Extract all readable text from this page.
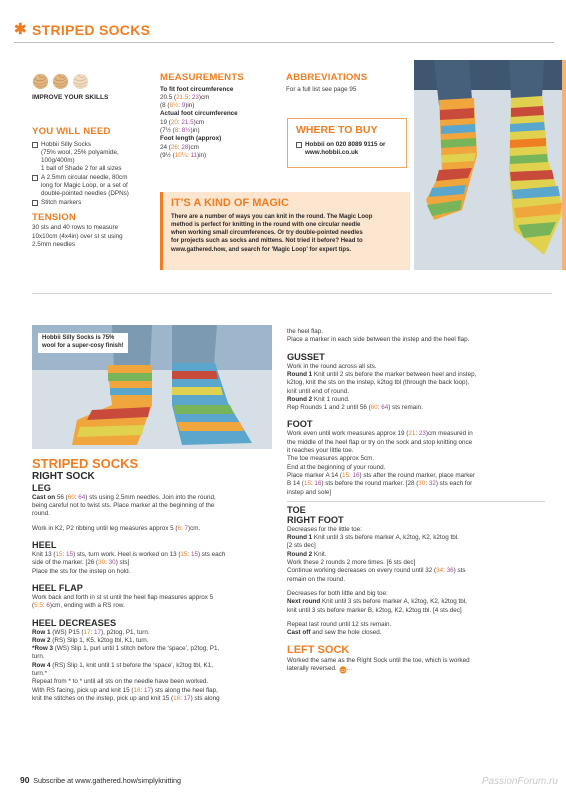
✱ STRIPED SOCKS
IMPROVE YOUR SKILLS
YOU WILL NEED
Hobbii Silly Socks
(75% wool, 25% polyamide,
100g/400m)
1 ball of Shade 2 for all sizes
A 2.5mm circular needle, 80cm
long for Magic Loop, or a set of
double-pointed needles (DPNs)
Stitch markers
TENSION
30 sts and 40 rows to measure
10x10cm (4x4in) over st st using
2.5mm needles
MEASUREMENTS
To fit foot circumference
20.5 (21.5: 23)cm
(8 (8½: 9)in)
Actual foot circumference
19 (20: 21.5)cm
(7½ (8: 8½)in)
Foot length (approx)
24 (26: 28)cm
(9½ (10¼: 11)in)
ABBREVIATIONS
For a full list see page 95
WHERE TO BUY
Hobbii on 020 8089 9115 or
www.hobbii.co.uk
IT'S A KIND OF MAGIC
There are a number of ways you can knit in the round. The Magic Loop
method is perfect for knitting in the round with one circular needle
when working small circumferences. Or try double-pointed needles
for projects such as socks and mittens. Not tried it before? Head to
www.gathered.how, and search for 'Magic Loop' for expert tips.
Hobbii Silly Socks is 75%
wool for a super-cosy finish!
STRIPED SOCKS
RIGHT SOCK
LEG
Cast on 56 (60: 64) sts using 2.5mm needles. Join into the round,
being careful not to twist sts. Place marker at the beginning of the
round.
Work in K2, P2 ribbing until leg measures approx 5 (6: 7)cm.
HEEL
Knit 13 (15: 15) sts, turn work. Heel is worked on 13 (15: 15) sts each
side of the marker. [26 (30: 30) sts]
Place the sts for the instep on hold.
HEEL FLAP
Work back and forth in st st until the heel flap measures approx 5
(5.5: 6)cm, ending with a RS row.
HEEL DECREASES
Row 1 (WS) P15 (17: 17), p2tog, P1, turn.
Row 2 (RS) Slip 1, K5, k2tog tbl, K1, turn.
*Row 3 (WS) Slip 1, purl until 1 stitch before the ‘space’, p2tog, P1,
turn.
Row 4 (RS) Slip 1, knit until 1 st before the ‘space’, k2tog tbl, K1,
turn.*
Repeat from * to * until all sts on the needle have been worked.
With RS facing, pick up and knit 15 (16: 17) sts along the heel flap,
knit the stitches on the instep, pick up and knit 15 (16: 17) sts along
the heel flap.
Place a marker in each side between the instep and the heel flap.
GUSSET
Work in the round across all sts.
Round 1 Knit until 2 sts before the marker between heel and instep,
k2tog, knit the sts on the instep, k2tog tbl (through the back loop),
knit until end of round.
Round 2 Knit 1 round.
Rep Rounds 1 and 2 until 56 (60: 64) sts remain.
FOOT
Work even until work measures approx 19 (21: 23)cm measured in
the middle of the heel flap or try on the sock and stop knitting once
it reaches your little toe.
The toe measures approx 5cm.
End at the beginning of your round.
Place marker A 14 (15: 16) sts after the round marker, place marker
B 14 (15: 16) sts before the round marker. [28 (30: 32) sts each for
instep and sole]
TOE
RIGHT FOOT
Decreases for the little toe:
Round 1 Knit until 3 sts before marker A, k2tog, K2, k2tog tbl.
[2 sts dec]
Round 2 Knit.
Work these 2 rounds 2 more times. [6 sts dec]
Continue working decreases on every round until 32 (34: 36) sts
remain on the round.
Decreases for both little and big toe:
Next round Knit until 3 sts before marker A, k2tog, K2, k2tog tbl,
knit until 3 sts before marker B, k2tog, K2, k2tog tbl. [4 sts dec]
Repeat last round until 12 sts remain.
Cast off and sew the hole closed.
LEFT SOCK
Worked the same as the Right Sock until the toe, which is worked
laterally reversed. ...
90 Subscribe at www.gathered.how/simplyknitting	PassionForum.ru
